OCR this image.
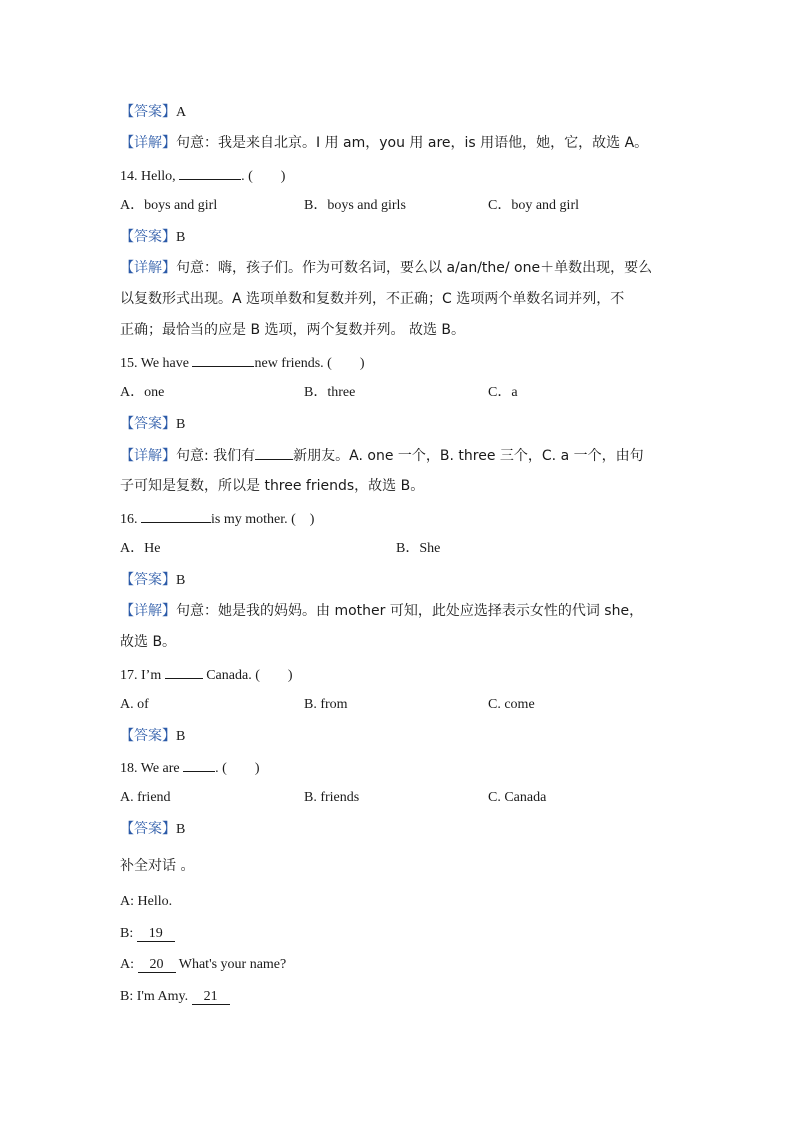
【答案】A
【详解】句意：我是来自北京。I 用 am，you 用 are，is 用语他，她，它，故选 A。
14. Hello,	. (　　)
A．boys and girl	B．boys and girls	C．boy and girl
【答案】B
【详解】句意：嗨，孩子们。作为可数名词，要么以 a/an/the/ one＋单数出现，要么
以复数形式出现。A 选项单数和复数并列，不正确；C 选项两个单数名词并列，不
正确；最恰当的应是 B 选项，两个复数并列。 故选 B。
15. We have	new friends. (　　)
A．one	B．three	C．a
【答案】B
【详解】句意: 我们有	新朋友。A. one 一个，B. three 三个，C. a 一个，由句
子可知是复数，所以是 three friends，故选 B。
16.	is my mother. (　)
A．He	B．She
【答案】B
【详解】句意：她是我的妈妈。由 mother 可知，此处应选择表示女性的代词 she，
故选 B。
17. I’m	Canada. (　　)
A. of	B. from	C. come
【答案】B
18. We are . (　　)
A. friend	B. friends	C. Canada
【答案】B
补全对话 。
A: Hello.
B: 19
A: 20 What's your name?
B: I'm Amy. 21
